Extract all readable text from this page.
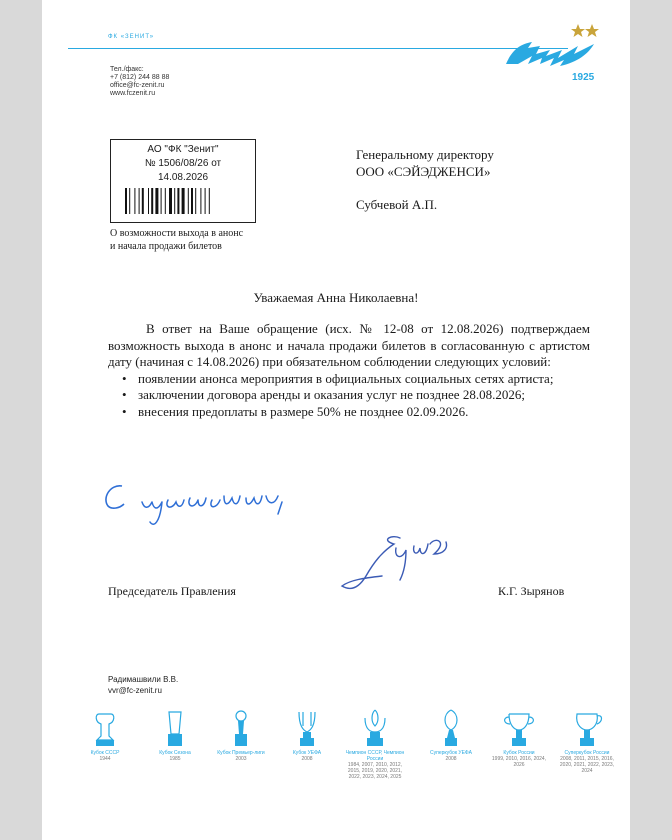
ФК «ЗЕНИТ»
Тел./факс:
+7 (812) 244 88 88
office@fc-zenit.ru
www.fczenit.ru
1925
АО "ФК "Зенит"
№ 1506/08/26 от
14.08.2026
О возможности выхода в анонс
и начала продажи билетов
Генеральному директору
ООО «СЭЙЭДЖЕНСИ»
Субчевой А.П.
Уважаемая Анна Николаевна!

В ответ на Ваше обращение (исх. № 12-08 от 12.08.2026) подтверждаем возможность выхода в анонс и начала продажи билетов в согласованную с артистом дату (начиная с 14.08.2026) при обязательном соблюдении следующих условий:

• появлении анонса мероприятия в официальных социальных сетях артиста;
• заключении договора аренды и оказания услуг не позднее 28.08.2026;
• внесения предоплаты в размере 50% не позднее 02.09.2026.
Председатель Правления	К.Г. Зырянов
Радимашвили В.В.
vvr@fc-zenit.ru
Кубок СССР
1944
Кубок Сезона
1985
Кубок Премьер-лиги
2003
Кубок УЕФА
2008
Чемпион СССР, Чемпион России
1984, 2007, 2010, 2012, 2015, 2019, 2020, 2021, 2022, 2023, 2024, 2025
Суперкубок УЕФА
2008
Кубок России
1999, 2010, 2016, 2024, 2026
Суперкубок России
2008, 2011, 2015, 2016, 2020, 2021, 2022, 2023, 2024
